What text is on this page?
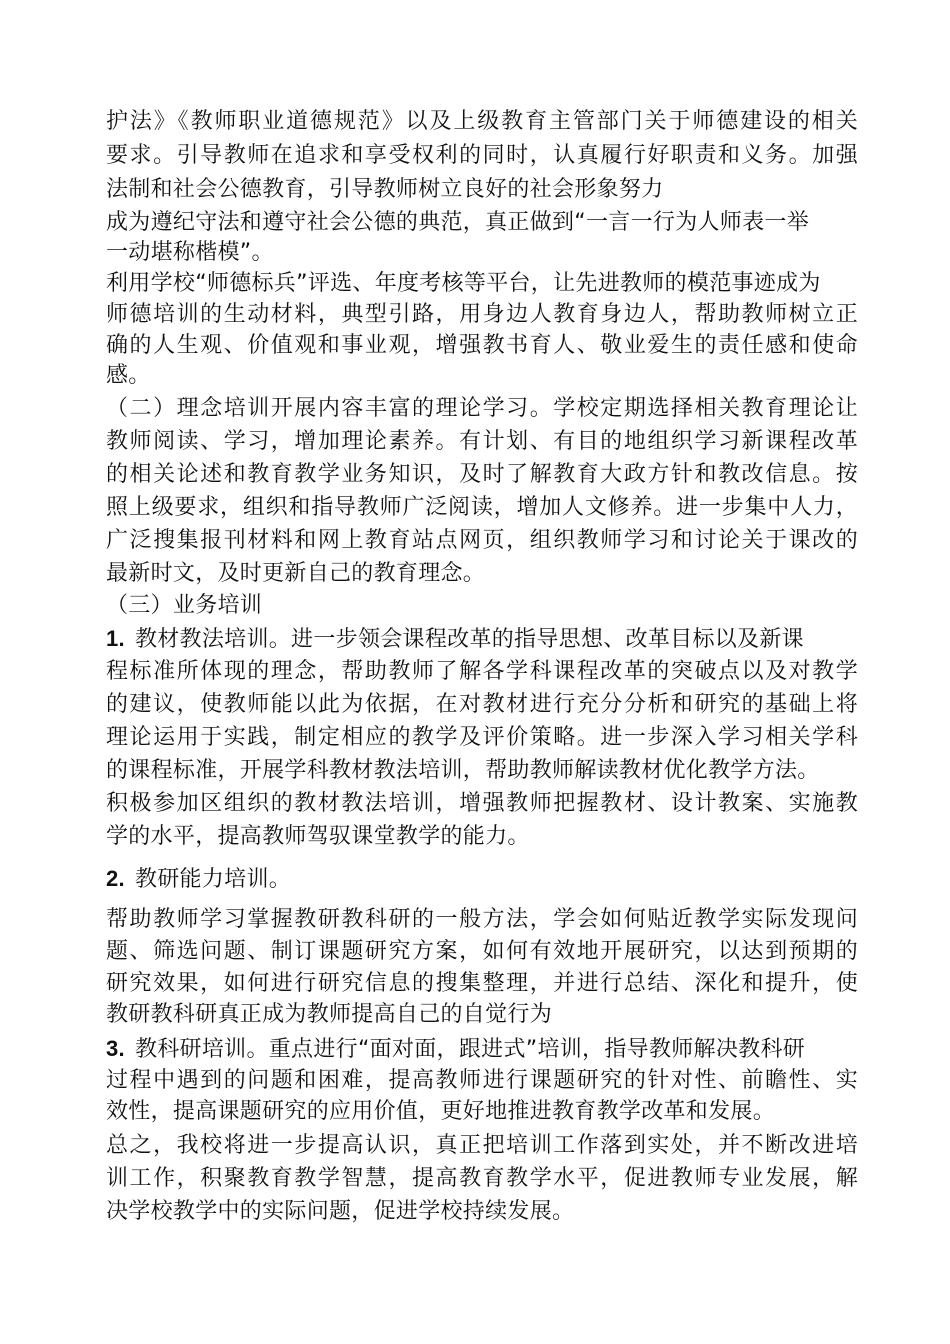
护法》《教师职业道德规范》以及上级教育主管部门关于师德建设的相关
要求。引导教师在追求和享受权利的同时，认真履行好职责和义务。加强
法制和社会公德教育，引导教师树立良好的社会形象努力
成为遵纪守法和遵守社会公德的典范，真正做到“一言一行为人师表一举
一动堪称楷模”。
利用学校“师德标兵”评选、年度考核等平台，让先进教师的模范事迹成为
师德培训的生动材料，典型引路，用身边人教育身边人，帮助教师树立正
确的人生观、价值观和事业观，增强教书育人、敬业爱生的责任感和使命
感。
（二）理念培训开展内容丰富的理论学习。学校定期选择相关教育理论让
教师阅读、学习，增加理论素养。有计划、有目的地组织学习新课程改革
的相关论述和教育教学业务知识，及时了解教育大政方针和教改信息。按
照上级要求，组织和指导教师广泛阅读，增加人文修养。进一步集中人力，
广泛搜集报刊材料和网上教育站点网页，组织教师学习和讨论关于课改的
最新时文，及时更新自己的教育理念。
（三）业务培训
1. 教材教法培训。进一步领会课程改革的指导思想、改革目标以及新课
程标准所体现的理念，帮助教师了解各学科课程改革的突破点以及对教学
的建议，使教师能以此为依据，在对教材进行充分分析和研究的基础上将
理论运用于实践，制定相应的教学及评价策略。进一步深入学习相关学科
的课程标准，开展学科教材教法培训，帮助教师解读教材优化教学方法。
积极参加区组织的教材教法培训，增强教师把握教材、设计教案、实施教
学的水平，提高教师驾驭课堂教学的能力。
2. 教研能力培训。
帮助教师学习掌握教研教科研的一般方法，学会如何贴近教学实际发现问
题、筛选问题、制订课题研究方案，如何有效地开展研究，以达到预期的
研究效果，如何进行研究信息的搜集整理，并进行总结、深化和提升，使
教研教科研真正成为教师提高自己的自觉行为
3. 教科研培训。重点进行“面对面，跟进式”培训，指导教师解决教科研
过程中遇到的问题和困难，提高教师进行课题研究的针对性、前瞻性、实
效性，提高课题研究的应用价值，更好地推进教育教学改革和发展。
总之，我校将进一步提高认识，真正把培训工作落到实处，并不断改进培
训工作，积聚教育教学智慧，提高教育教学水平，促进教师专业发展，解
决学校教学中的实际问题，促进学校持续发展。
